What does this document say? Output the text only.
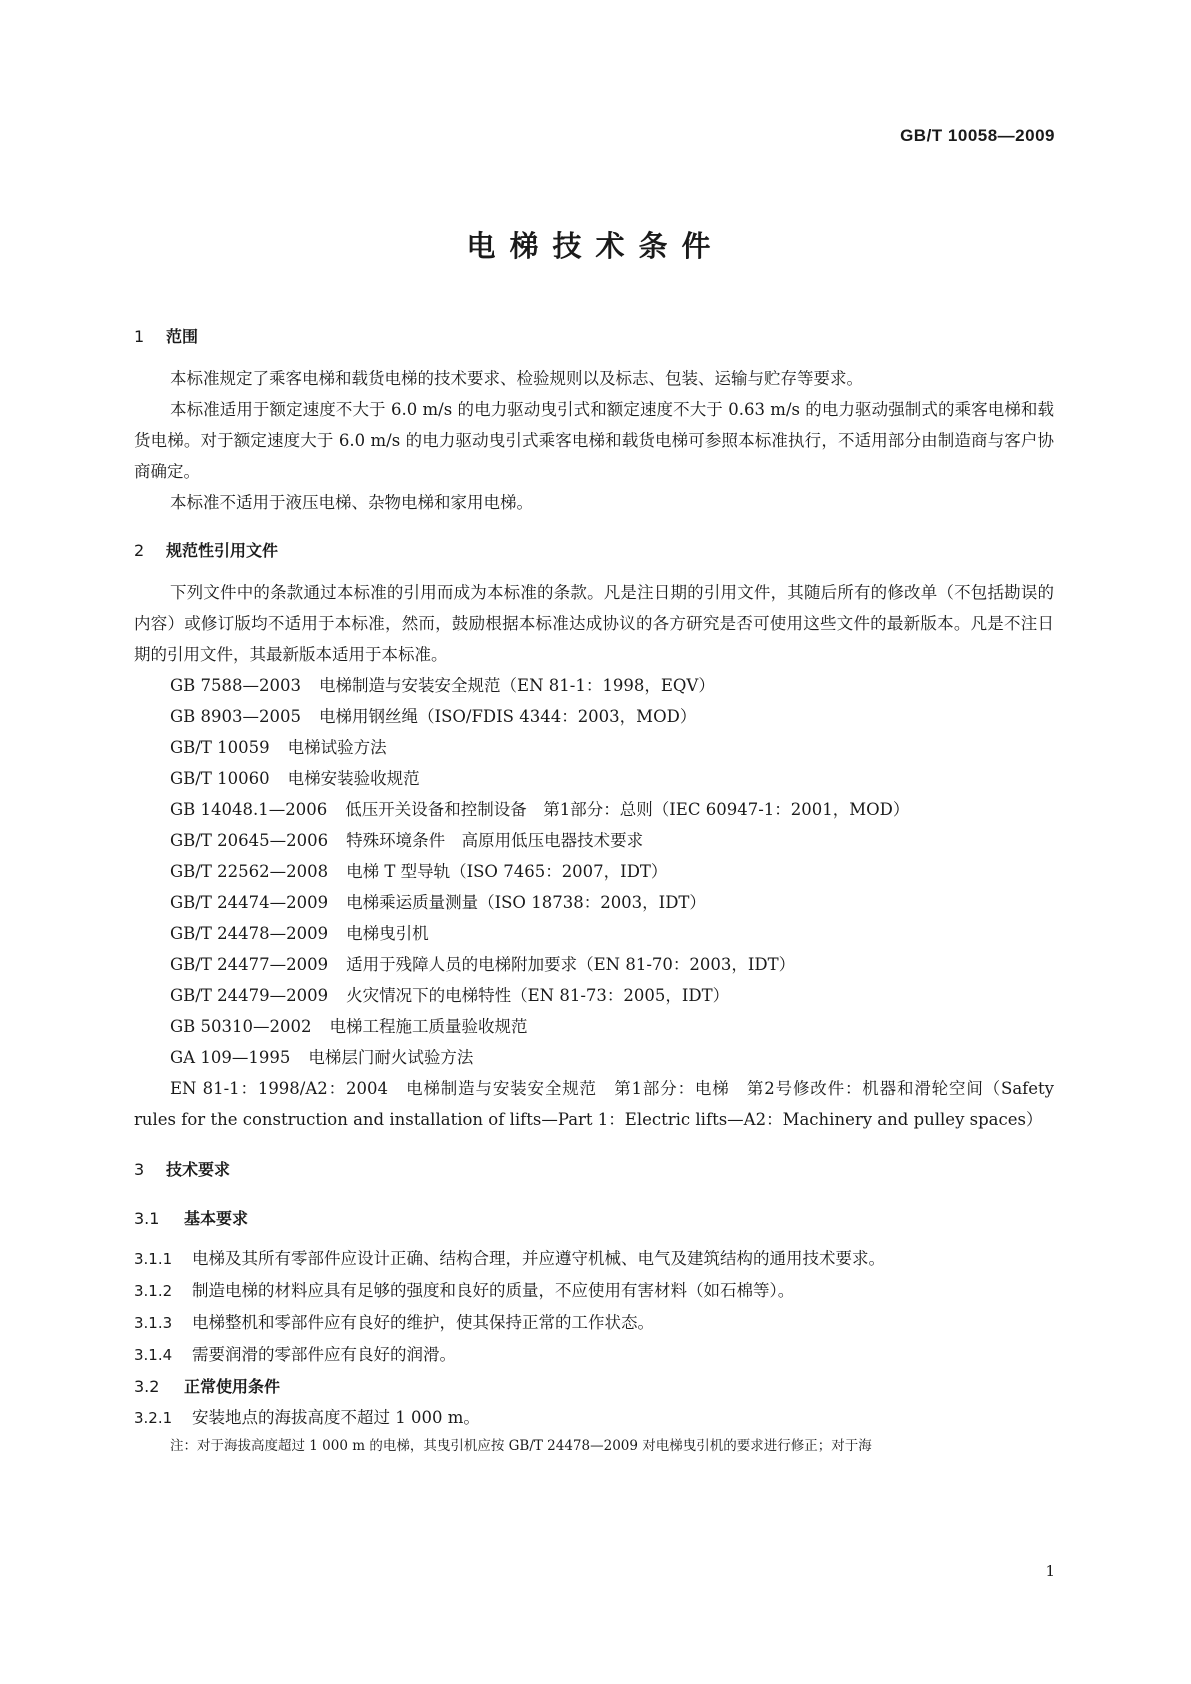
GB/T 10058—2009
电梯技术条件

1 范围

本标准规定了乘客电梯和载货电梯的技术要求、检验规则以及标志、包装、运输与贮存等要求。

本标准适用于额定速度不大于 6.0 m/s 的电力驱动曳引式和额定速度不大于 0.63 m/s 的电力驱动强制式的乘客电梯和载货电梯。对于额定速度大于 6.0 m/s 的电力驱动曳引式乘客电梯和载货电梯可参照本标准执行，不适用部分由制造商与客户协商确定。

本标准不适用于液压电梯、杂物电梯和家用电梯。

2 规范性引用文件

下列文件中的条款通过本标准的引用而成为本标准的条款。凡是注日期的引用文件，其随后所有的修改单（不包括勘误的内容）或修订版均不适用于本标准，然而，鼓励根据本标准达成协议的各方研究是否可使用这些文件的最新版本。凡是不注日期的引用文件，其最新版本适用于本标准。

GB 7588—2003 电梯制造与安装安全规范（EN 81-1：1998，EQV）

GB 8903—2005 电梯用钢丝绳（ISO/FDIS 4344：2003，MOD）

GB/T 10059 电梯试验方法

GB/T 10060 电梯安装验收规范

GB 14048.1—2006 低压开关设备和控制设备　第1部分：总则（IEC 60947-1：2001，MOD）

GB/T 20645—2006 特殊环境条件　高原用低压电器技术要求

GB/T 22562—2008 电梯 T 型导轨（ISO 7465：2007，IDT）

GB/T 24474—2009 电梯乘运质量测量（ISO 18738：2003，IDT）

GB/T 24478—2009 电梯曳引机

GB/T 24477—2009 适用于残障人员的电梯附加要求（EN 81-70：2003，IDT）

GB/T 24479—2009 火灾情况下的电梯特性（EN 81-73：2005，IDT）

GB 50310—2002 电梯工程施工质量验收规范

GA 109—1995 电梯层门耐火试验方法

EN 81-1：1998/A2：2004　电梯制造与安装安全规范　第1部分：电梯　第2号修改件：机器和滑轮空间（Safety rules for the construction and installation of lifts—Part 1：Electric lifts—A2：Machinery and pulley spaces）

3 技术要求

3.1 基本要求

3.1.1 电梯及其所有零部件应设计正确、结构合理，并应遵守机械、电气及建筑结构的通用技术要求。

3.1.2 制造电梯的材料应具有足够的强度和良好的质量，不应使用有害材料（如石棉等）。

3.1.3 电梯整机和零部件应有良好的维护，使其保持正常的工作状态。

3.1.4 需要润滑的零部件应有良好的润滑。

3.2 正常使用条件

3.2.1 安装地点的海拔高度不超过 1 000 m。

注：对于海拔高度超过 1 000 m 的电梯，其曳引机应按 GB/T 24478—2009 对电梯曳引机的要求进行修正；对于海

1
